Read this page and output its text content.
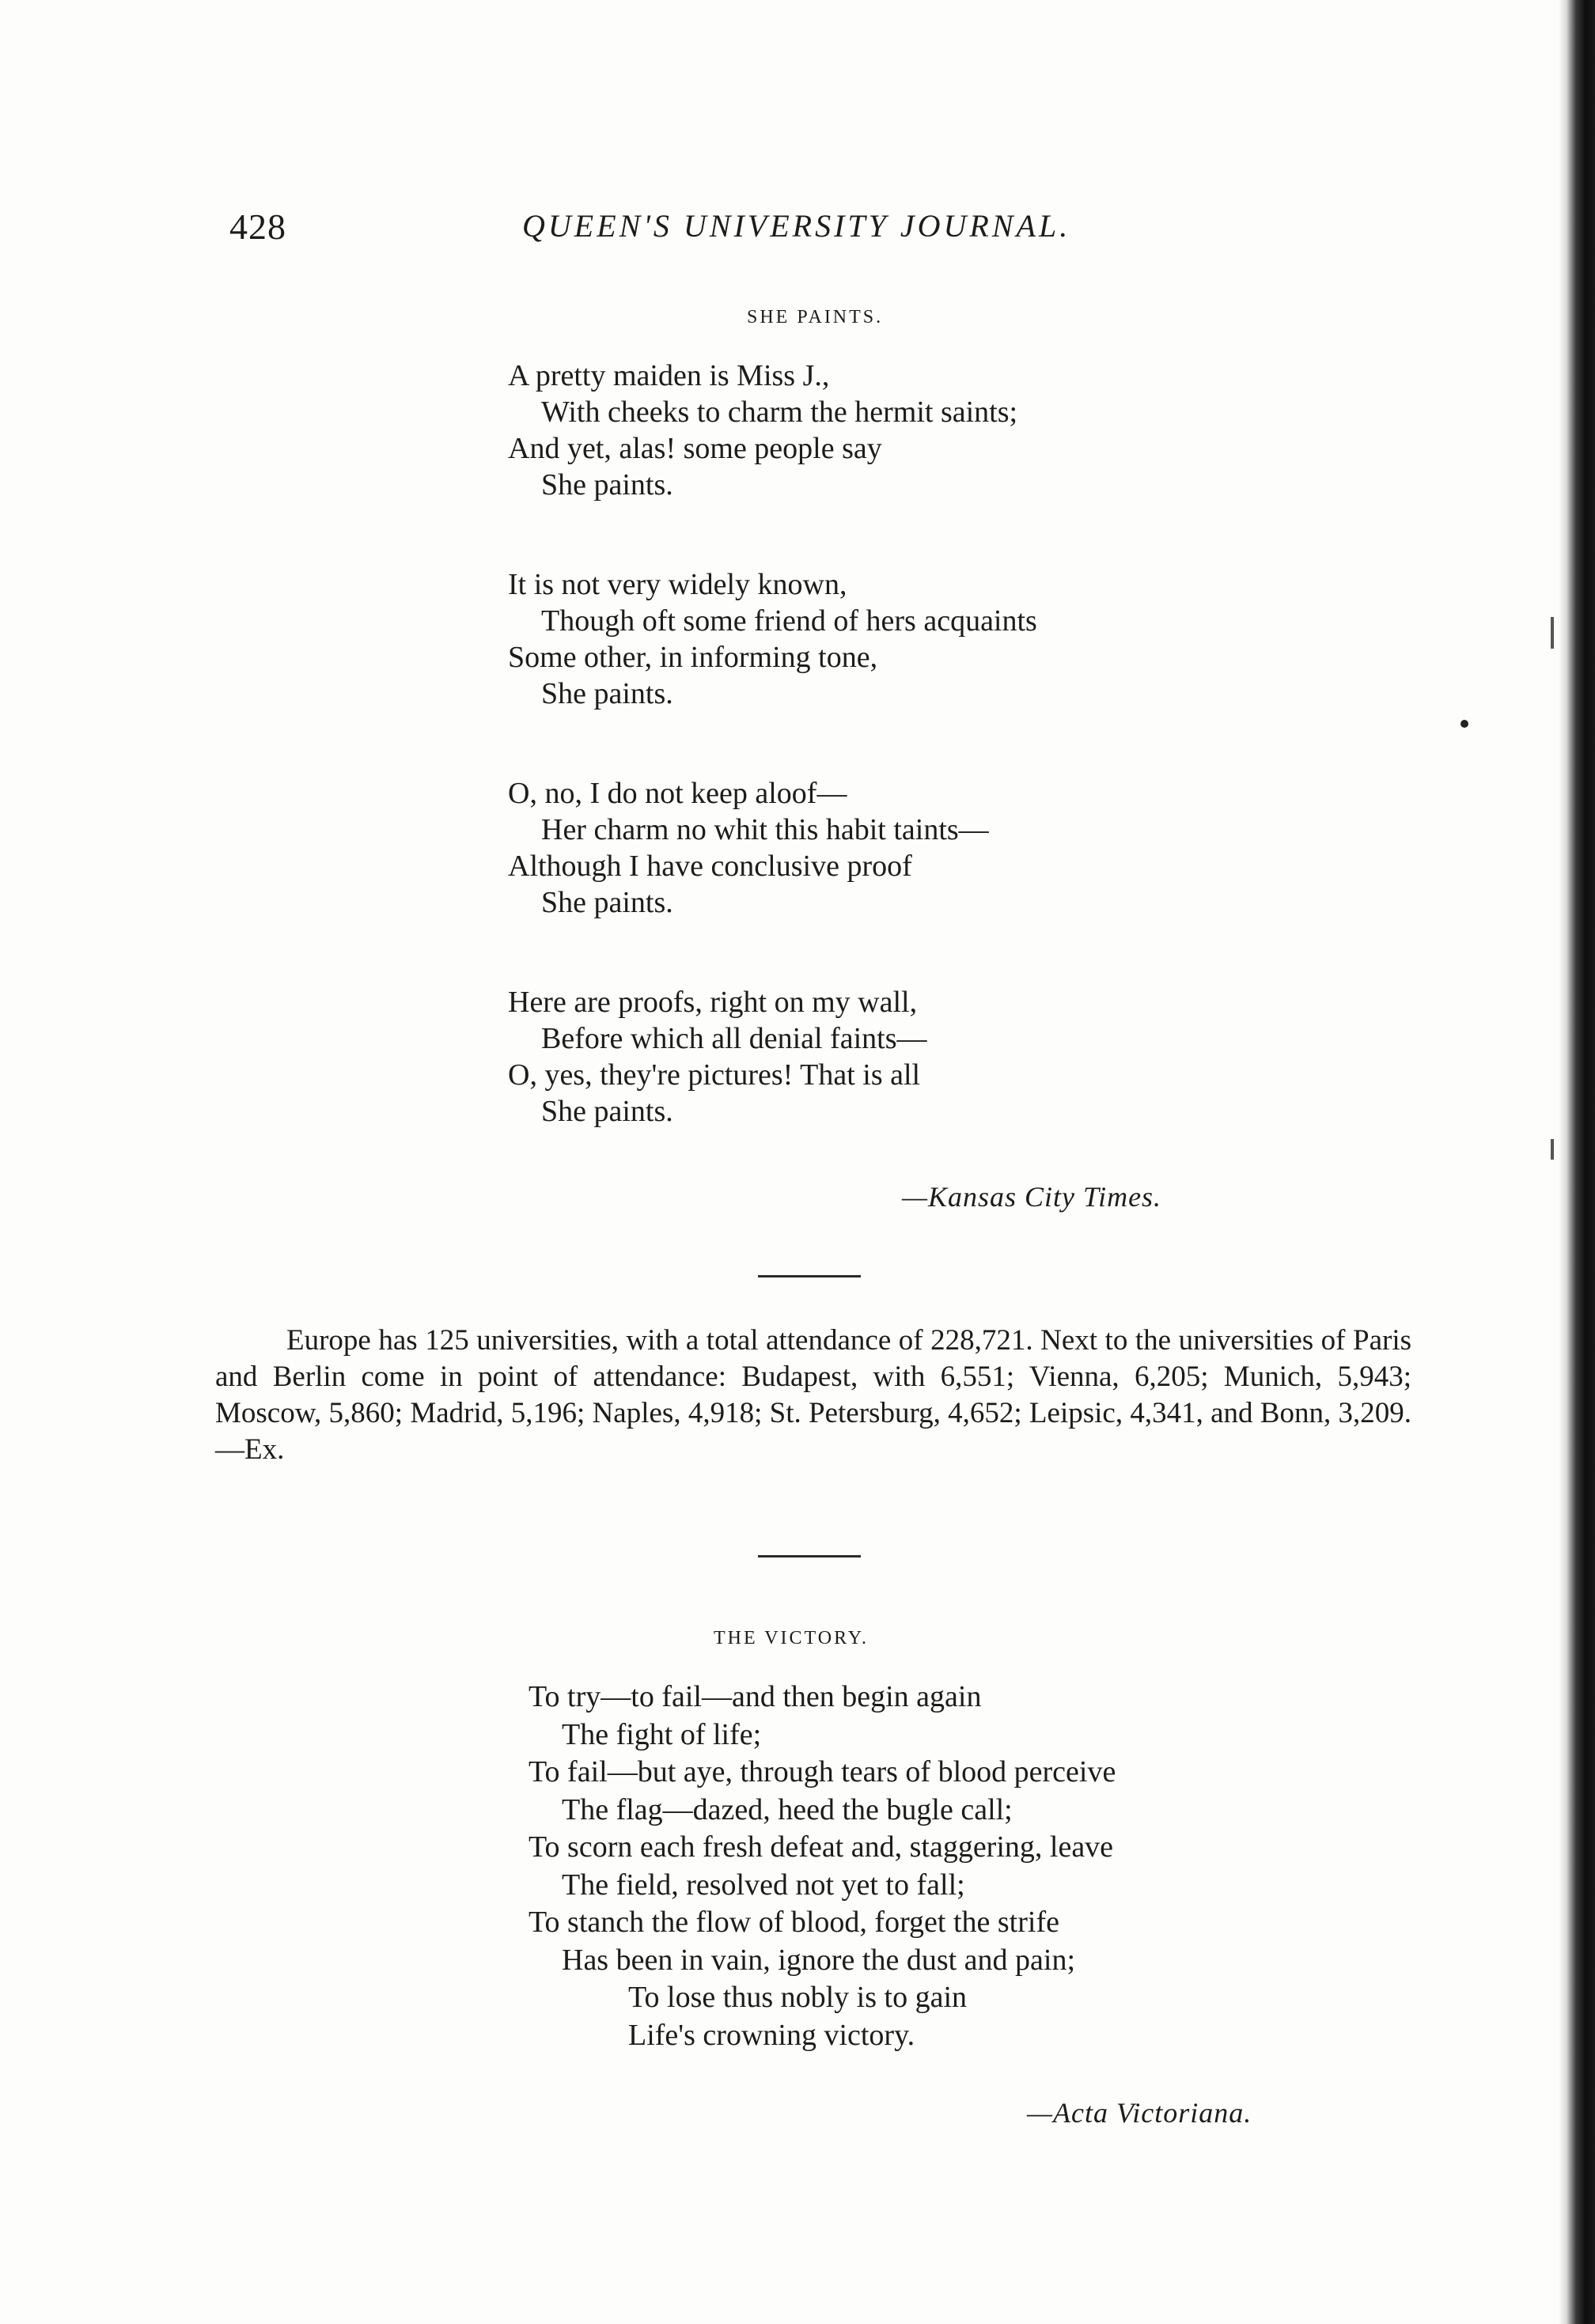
428	QUEEN'S UNIVERSITY JOURNAL.
SHE PAINTS.
A pretty maiden is Miss J.,
With cheeks to charm the hermit saints;
And yet, alas! some people say
She paints.
It is not very widely known,
Though oft some friend of hers acquaints
Some other, in informing tone,
She paints.
O, no, I do not keep aloof—
Her charm no whit this habit taints—
Although I have conclusive proof
She paints.
Here are proofs, right on my wall,
Before which all denial faints—
O, yes, they're pictures! That is all
She paints.
—Kansas City Times.
Europe has 125 universities, with a total attendance of 228,721. Next to the universities of Paris and Berlin come in point of attendance: Budapest, with 6,551; Vienna, 6,205; Munich, 5,943; Moscow, 5,860; Madrid, 5,196; Naples, 4,918; St. Petersburg, 4,652; Leipsic, 4,341, and Bonn, 3,209.—Ex.
THE VICTORY.
To try—to fail—and then begin again
The fight of life;
To fail—but aye, through tears of blood perceive
The flag—dazed, heed the bugle call;
To scorn each fresh defeat and, staggering, leave
The field, resolved not yet to fall;
To stanch the flow of blood, forget the strife
Has been in vain, ignore the dust and pain;
To lose thus nobly is to gain
Life's crowning victory.
—Acta Victoriana.
